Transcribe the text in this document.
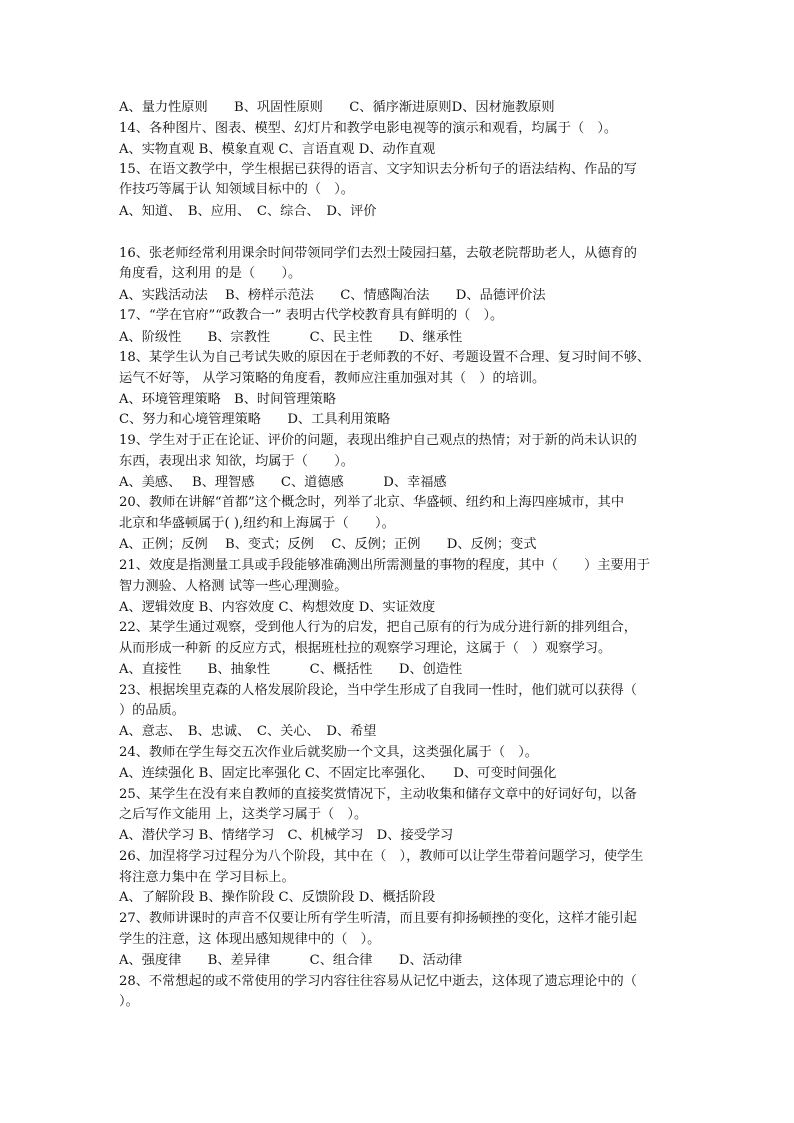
A、量力性原则　　B、巩固性原则　　C、循序渐进原则D、因材施教原则
14、各种图片、图表、模型、幻灯片和教学电影电视等的演示和观看，均属于（　）。
A、实物直观 B、模象直观 C、言语直观 D、动作直观
15、在语文教学中，学生根据已获得的语言、文字知识去分析句子的语法结构、作品的写
作技巧等属于认 知领域目标中的（　）。
A、知道、　B、应用、　C、综合、　D、评价
16、张老师经常利用课余时间带领同学们去烈士陵园扫墓，去敬老院帮助老人，从德育的
角度看，这利用 的是（　　）。
A、实践活动法　 B、榜样示范法　　C、情感陶冶法　　D、品德评价法
17、“学在官府”“政教合一” 表明古代学校教育具有鲜明的（　）。
A、阶级性　　B、宗教性　　　C、民主性　　D、继承性
18、某学生认为自己考试失败的原因在于老师教的不好、考题设置不合理、复习时间不够、
运气不好等， 从学习策略的角度看，教师应注重加强对其（　）的培训。
A、环境管理策略　B、时间管理策略
C、努力和心境管理策略　　D、工具利用策略
19、学生对于正在论证、评价的问题，表现出维护自己观点的热情；对于新的尚未认识的
东西，表现出求 知欲，均属于（　　）。
A、美感、　 B、理智感　　C、道德感　　　D、幸福感
20、教师在讲解“首都”这个概念时，列举了北京、华盛顿、纽约和上海四座城市，其中
北京和华盛顿属于( ),纽约和上海属于（　　）。
A、正例；反例　 B、变式；反例　 C、反例；正例　　D、反例；变式
21、效度是指测量工具或手段能够准确测出所需测量的事物的程度，其中（　　）主要用于
智力测验、人格测 试等一些心理测验。
A、逻辑效度 B、内容效度 C、构想效度 D、实证效度
22、某学生通过观察，受到他人行为的启发，把自己原有的行为成分进行新的排列组合，
从而形成一种新 的反应方式，根据班杜拉的观察学习理论，这属于（　）观察学习。
A、直接性　　B、抽象性　　　C、概括性　　D、创造性
23、根据埃里克森的人格发展阶段论，当中学生形成了自我同一性时，他们就可以获得（
）的品质。
A、意志、　B、忠诚、　C、关心、　D、希望
24、教师在学生每交五次作业后就奖励一个文具，这类强化属于（　）。
A、连续强化 B、固定比率强化 C、不固定比率强化、　　D、可变时间强化
25、某学生在没有来自教师的直接奖赏情况下，主动收集和储存文章中的好词好句，以备
之后写作文能用 上，这类学习属于（　）。
A、潜伏学习 B、情绪学习　C、机械学习　D、接受学习
26、加涅将学习过程分为八个阶段，其中在（　），教师可以让学生带着问题学习，使学生
将注意力集中在 学习目标上。
A、了解阶段 B、操作阶段 C、反馈阶段 D、概括阶段
27、教师讲课时的声音不仅要让所有学生听清，而且要有抑扬顿挫的变化，这样才能引起
学生的注意，这 体现出感知规律中的（　）。
A、强度律　　B、差异律　　　C、组合律　　D、活动律
28、不常想起的或不常使用的学习内容往往容易从记忆中逝去，这体现了遗忘理论中的（
）。
